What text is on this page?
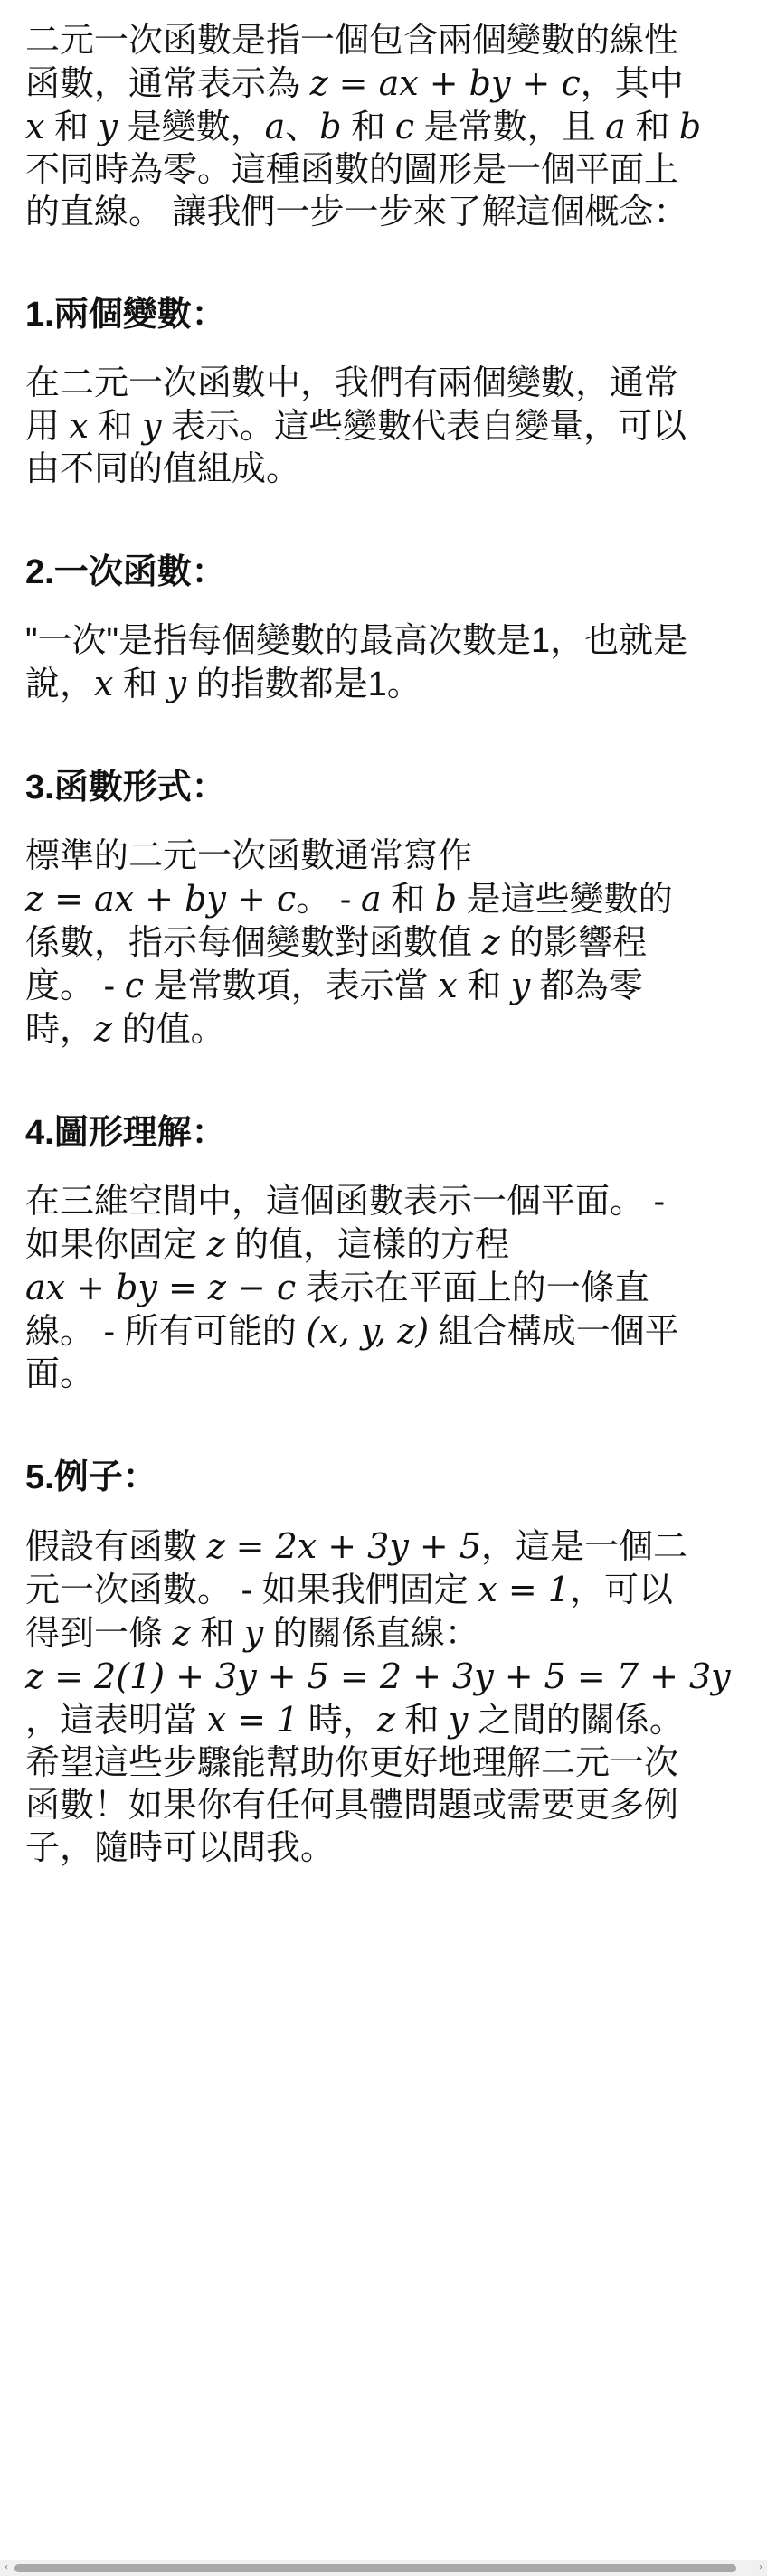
二元一次函數是指一個包含兩個變數的線性

函數，通常表示為 z = ax + by + c，其中

x 和 y 是變數，a、b 和 c 是常數，且 a 和 b

不同時為零。這種函數的圖形是一個平面上

的直線。 讓我們一步一步來了解這個概念：

1.兩個變數：

在二元一次函數中，我們有兩個變數，通常

用 x 和 y 表示。這些變數代表自變量，可以

由不同的值組成。

2.一次函數：

"一次"是指每個變數的最高次數是1，也就是

說，x 和 y 的指數都是1。

3.函數形式：

標準的二元一次函數通常寫作

z = ax + by + c。 - a 和 b 是這些變數的

係數，指示每個變數對函數值 z 的影響程

度。 - c 是常數項，表示當 x 和 y 都為零

時，z 的值。

4.圖形理解：

在三維空間中，這個函數表示一個平面。 -

如果你固定 z 的值，這樣的方程

ax + by = z − c 表示在平面上的一條直

線。 - 所有可能的 (x, y, z) 組合構成一個平

面。

5.例子：

假設有函數 z = 2x + 3y + 5，這是一個二

元一次函數。 - 如果我們固定 x = 1，可以

得到一條 z 和 y 的關係直線：

z = 2(1) + 3y + 5 = 2 + 3y + 5 = 7 + 3y

，這表明當 x = 1 時，z 和 y 之間的關係。

希望這些步驟能幫助你更好地理解二元一次

函數！如果你有任何具體問題或需要更多例

子，隨時可以問我。

‹	›
